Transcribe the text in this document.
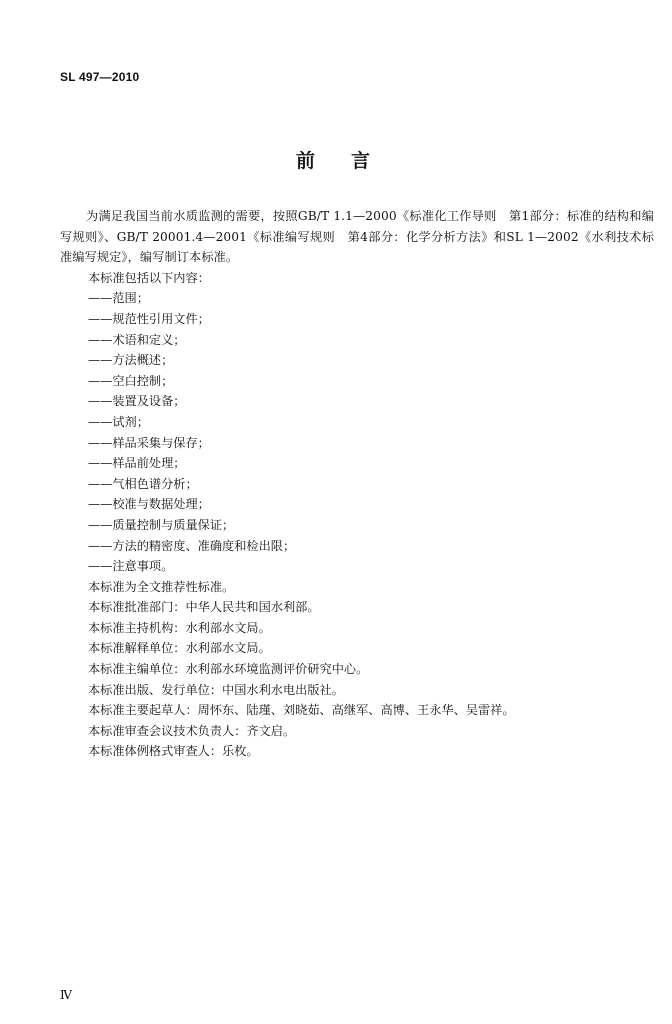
SL 497—2010
前言

为满足我国当前水质监测的需要，按照GB/T 1.1—2000《标准化工作导则　第1部分：标准的结构和编写规则》、GB/T 20001.4—2001《标准编写规则　第4部分：化学分析方法》和SL 1—2002《水利技术标准编写规定》，编写制订本标准。

本标准包括以下内容：

——范围；

——规范性引用文件；

——术语和定义；

——方法概述；

——空白控制；

——装置及设备；

——试剂；

——样品采集与保存；

——样品前处理；

——气相色谱分析；

——校准与数据处理；

——质量控制与质量保证；

——方法的精密度、准确度和检出限；

——注意事项。

本标准为全文推荐性标准。

本标准批准部门：中华人民共和国水利部。

本标准主持机构：水利部水文局。

本标准解释单位：水利部水文局。

本标准主编单位：水利部水环境监测评价研究中心。

本标准出版、发行单位：中国水利水电出版社。

本标准主要起草人：周怀东、陆瑾、刘晓茹、高继军、高博、王永华、吴雷祥。

本标准审查会议技术负责人：齐文启。

本标准体例格式审查人：乐枚。

Ⅳ
